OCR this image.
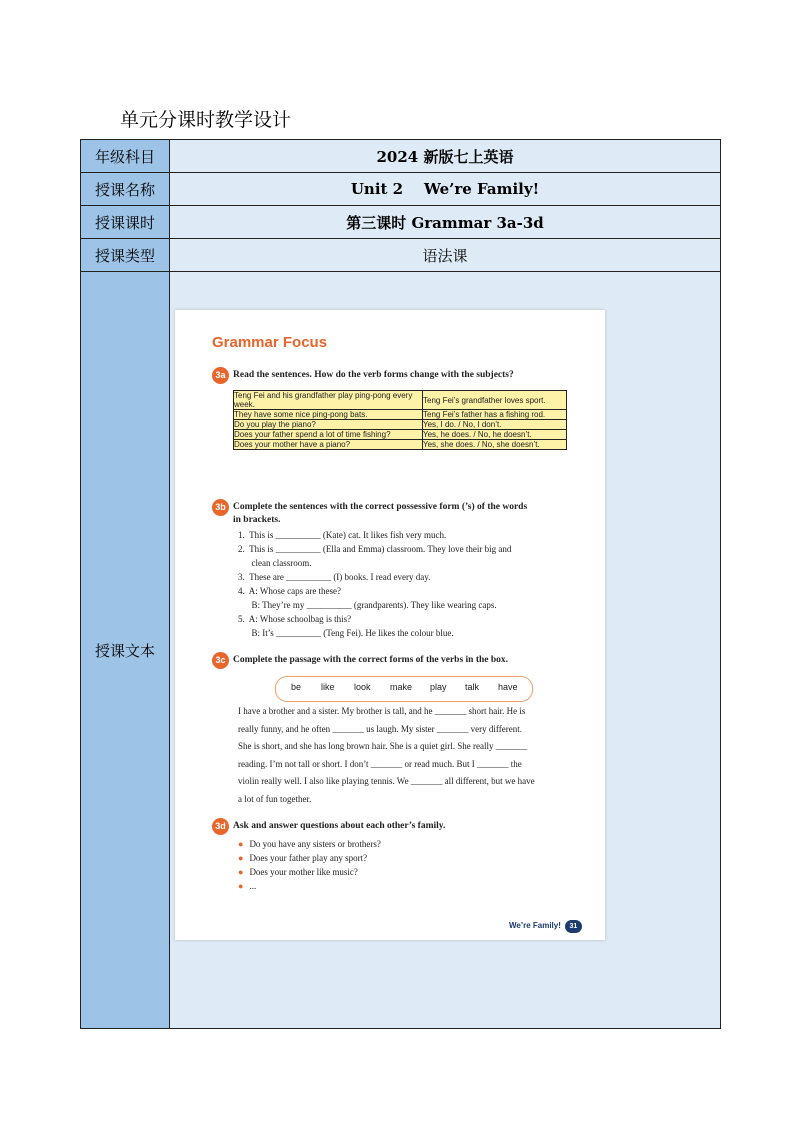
单元分课时教学设计
年级科目	2024 新版七上英语
授课名称	Unit 2    We’re Family!
授课课时	第三课时 Grammar 3a-3d
授课类型	语法课
授课文本	
Grammar Focus
3a Read the sentences. How do the verb forms change with the subjects?
Teng Fei and his grandfather play ping-pong every week.	Teng Fei’s grandfather loves sport.
They have some nice ping-pong bats.	Teng Fei’s father has a fishing rod.
Do you play the piano?	Yes, I do. / No, I don’t.
Does your father spend a lot of time fishing?	Yes, he does. / No, he doesn’t.
Does your mother have a piano?	Yes, she does. / No, she doesn’t.
3b Complete the sentences with the correct possessive form (’s) of the words
in brackets.
1.  This is __________ (Kate) cat. It likes fish very much.
2.  This is __________ (Ella and Emma) classroom. They love their big and
clean classroom.
3.  These are __________ (I) books. I read every day.
4.  A: Whose caps are these?
B: They’re my __________ (grandparents). They like wearing caps.
5.  A: Whose schoolbag is this?
B: It’s __________ (Teng Fei). He likes the colour blue.
3c Complete the passage with the correct forms of the verbs in the box.
be like look make play talk have
I have a brother and a sister. My brother is tall, and he _______ short hair. He is
really funny, and he often _______ us laugh. My sister _______ very different.
She is short, and she has long brown hair. She is a quiet girl. She really _______
reading. I’m not tall or short. I don’t _______ or read much. But I _______ the
violin really well. I also like playing tennis. We _______ all different, but we have
a lot of fun together.
3d Ask and answer questions about each other’s family.
● Do you have any sisters or brothers?
● Does your father play any sport?
● Does your mother like music?
● ...
We’re Family! 31
